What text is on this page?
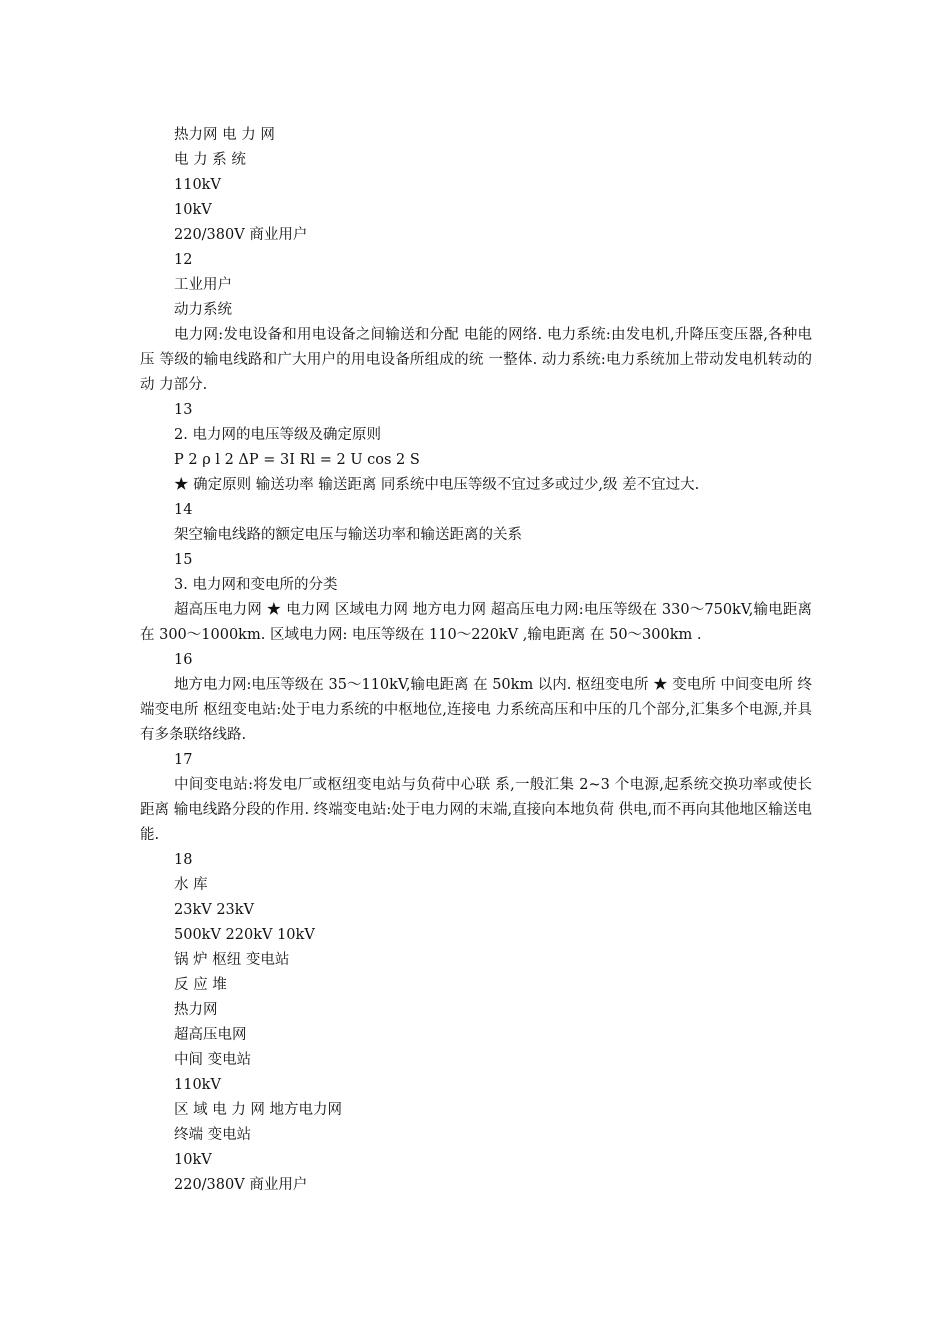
热力网 电 力 网

电 力 系 统

110kV

10kV

220/380V 商业用户

12

工业用户

动力系统

电力网:发电设备和用电设备之间输送和分配 电能的网络. 电力系统:由发电机,升降压变压器,各种电压 等级的输电线路和广大用户的用电设备所组成的统 一整体. 动力系统:电力系统加上带动发电机转动的动 力部分.

13

2. 电力网的电压等级及确定原则

P 2 ρ l 2 ΔP = 3I Rl = 2 U cos 2 S

★ 确定原则 输送功率 输送距离 同系统中电压等级不宜过多或过少,级 差不宜过大.

14

架空输电线路的额定电压与输送功率和输送距离的关系

15

3. 电力网和变电所的分类

超高压电力网 ★ 电力网 区域电力网 地方电力网 超高压电力网:电压等级在 330～750kV,输电距离 在 300～1000km. 区域电力网: 电压等级在 110～220kV ,输电距离 在 50～300km .

16

地方电力网:电压等级在 35～110kV,输电距离 在 50km 以内. 枢纽变电所 ★ 变电所 中间变电所 终端变电所 枢纽变电站:处于电力系统的中枢地位,连接电 力系统高压和中压的几个部分,汇集多个电源,并具 有多条联络线路.

17

中间变电站:将发电厂或枢纽变电站与负荷中心联 系,一般汇集 2~3 个电源,起系统交换功率或使长距离 输电线路分段的作用. 终端变电站:处于电力网的末端,直接向本地负荷 供电,而不再向其他地区输送电能.

18

水 库

23kV 23kV

500kV 220kV 10kV

锅 炉 枢纽 变电站

反 应 堆

热力网

超高压电网

中间 变电站

110kV

区 域 电 力 网 地方电力网

终端 变电站

10kV

220/380V 商业用户
